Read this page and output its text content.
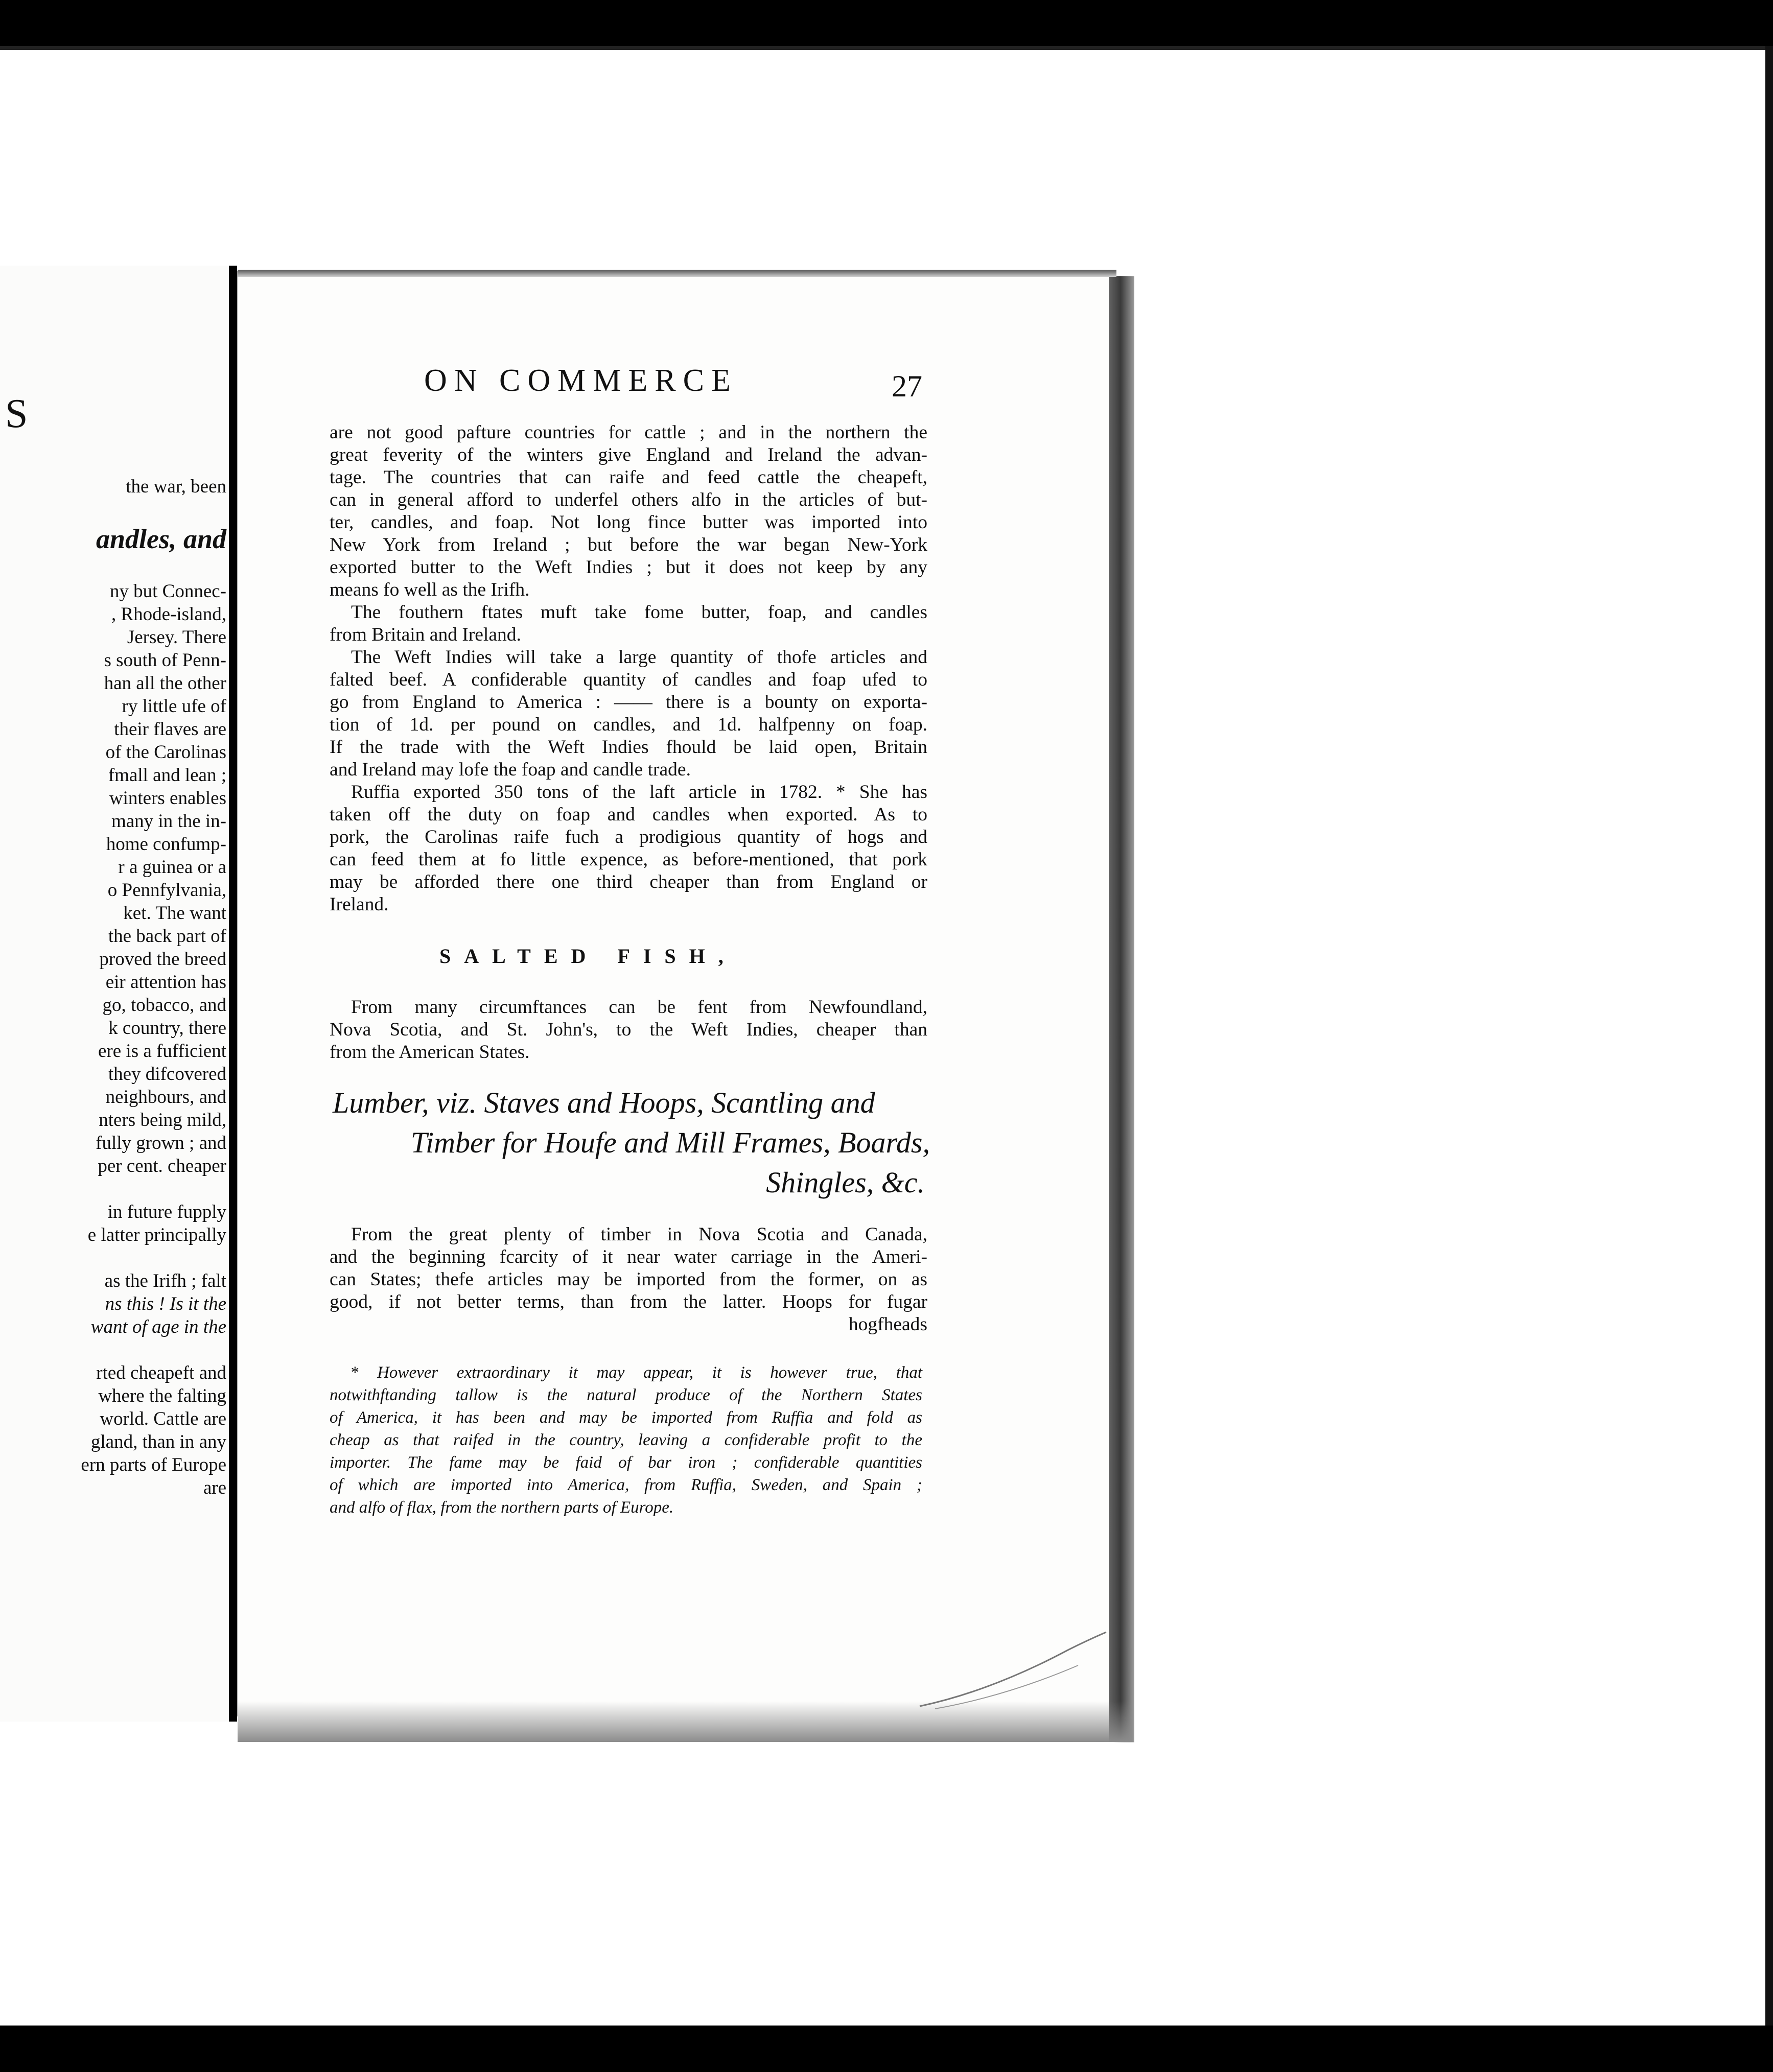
S
the war, been

andles, and

ny but Connec-
, Rhode-island,
Jersey. There
s south of Penn-
han all the other
ry little ufe of
their flaves are
of the Carolinas
fmall and lean ;
winters enables
many in the in-
home confump-
r a guinea or a
o Pennfylvania,
ket. The want
the back part of
proved the breed
eir attention has
go, tobacco, and
k country, there
ere is a fufficient
they difcovered
neighbours, and
nters being mild,
fully grown ; and
per cent. cheaper

in future fupply
e latter principally

as the Irifh ; falt
ns this ! Is it the
want of age in the

rted cheapeft and
where the falting
world. Cattle are
gland, than in any
ern parts of Europe
are
ON COMMERCE	27
are not good pafture countries for cattle ; and in the northern the
great feverity of the winters give England and Ireland the advan-
tage. The countries that can raife and feed cattle the cheapeft,
can in general afford to underfel others alfo in the articles of but-
ter, candles, and foap. Not long fince butter was imported into
New York from Ireland ; but before the war began New-York
exported butter to the Weft Indies ; but it does not keep by any
means fo well as the Irifh.
The fouthern ftates muft take fome butter, foap, and candles
from Britain and Ireland.
The Weft Indies will take a large quantity of thofe articles and
falted beef. A confiderable quantity of candles and foap ufed to
go from England to America : —— there is a bounty on exporta-
tion of 1d. per pound on candles, and 1d. halfpenny on foap.
If the trade with the Weft Indies fhould be laid open, Britain
and Ireland may lofe the foap and candle trade.
Ruffia exported 350 tons of the laft article in 1782. * She has
taken off the duty on foap and candles when exported. As to
pork, the Carolinas raife fuch a prodigious quantity of hogs and
can feed them at fo little expence, as before-mentioned, that pork
may be afforded there one third cheaper than from England or
Ireland.
SALTED FISH,
From many circumftances can be fent from Newfoundland,
Nova Scotia, and St. John's, to the Weft Indies, cheaper than
from the American States.
Lumber, viz. Staves and Hoops, Scantling and
Timber for Houfe and Mill Frames, Boards,
Shingles, &c.
From the great plenty of timber in Nova Scotia and Canada,
and the beginning fcarcity of it near water carriage in the Ameri-
can States; thefe articles may be imported from the former, on as
good, if not better terms, than from the latter. Hoops for fugar
hogfheads
* However extraordinary it may appear, it is however true, that
notwithftanding tallow is the natural produce of the Northern States
of America, it has been and may be imported from Ruffia and fold as
cheap as that raifed in the country, leaving a confiderable profit to the
importer. The fame may be faid of bar iron ; confiderable quantities
of which are imported into America, from Ruffia, Sweden, and Spain ;
and alfo of flax, from the northern parts of Europe.
